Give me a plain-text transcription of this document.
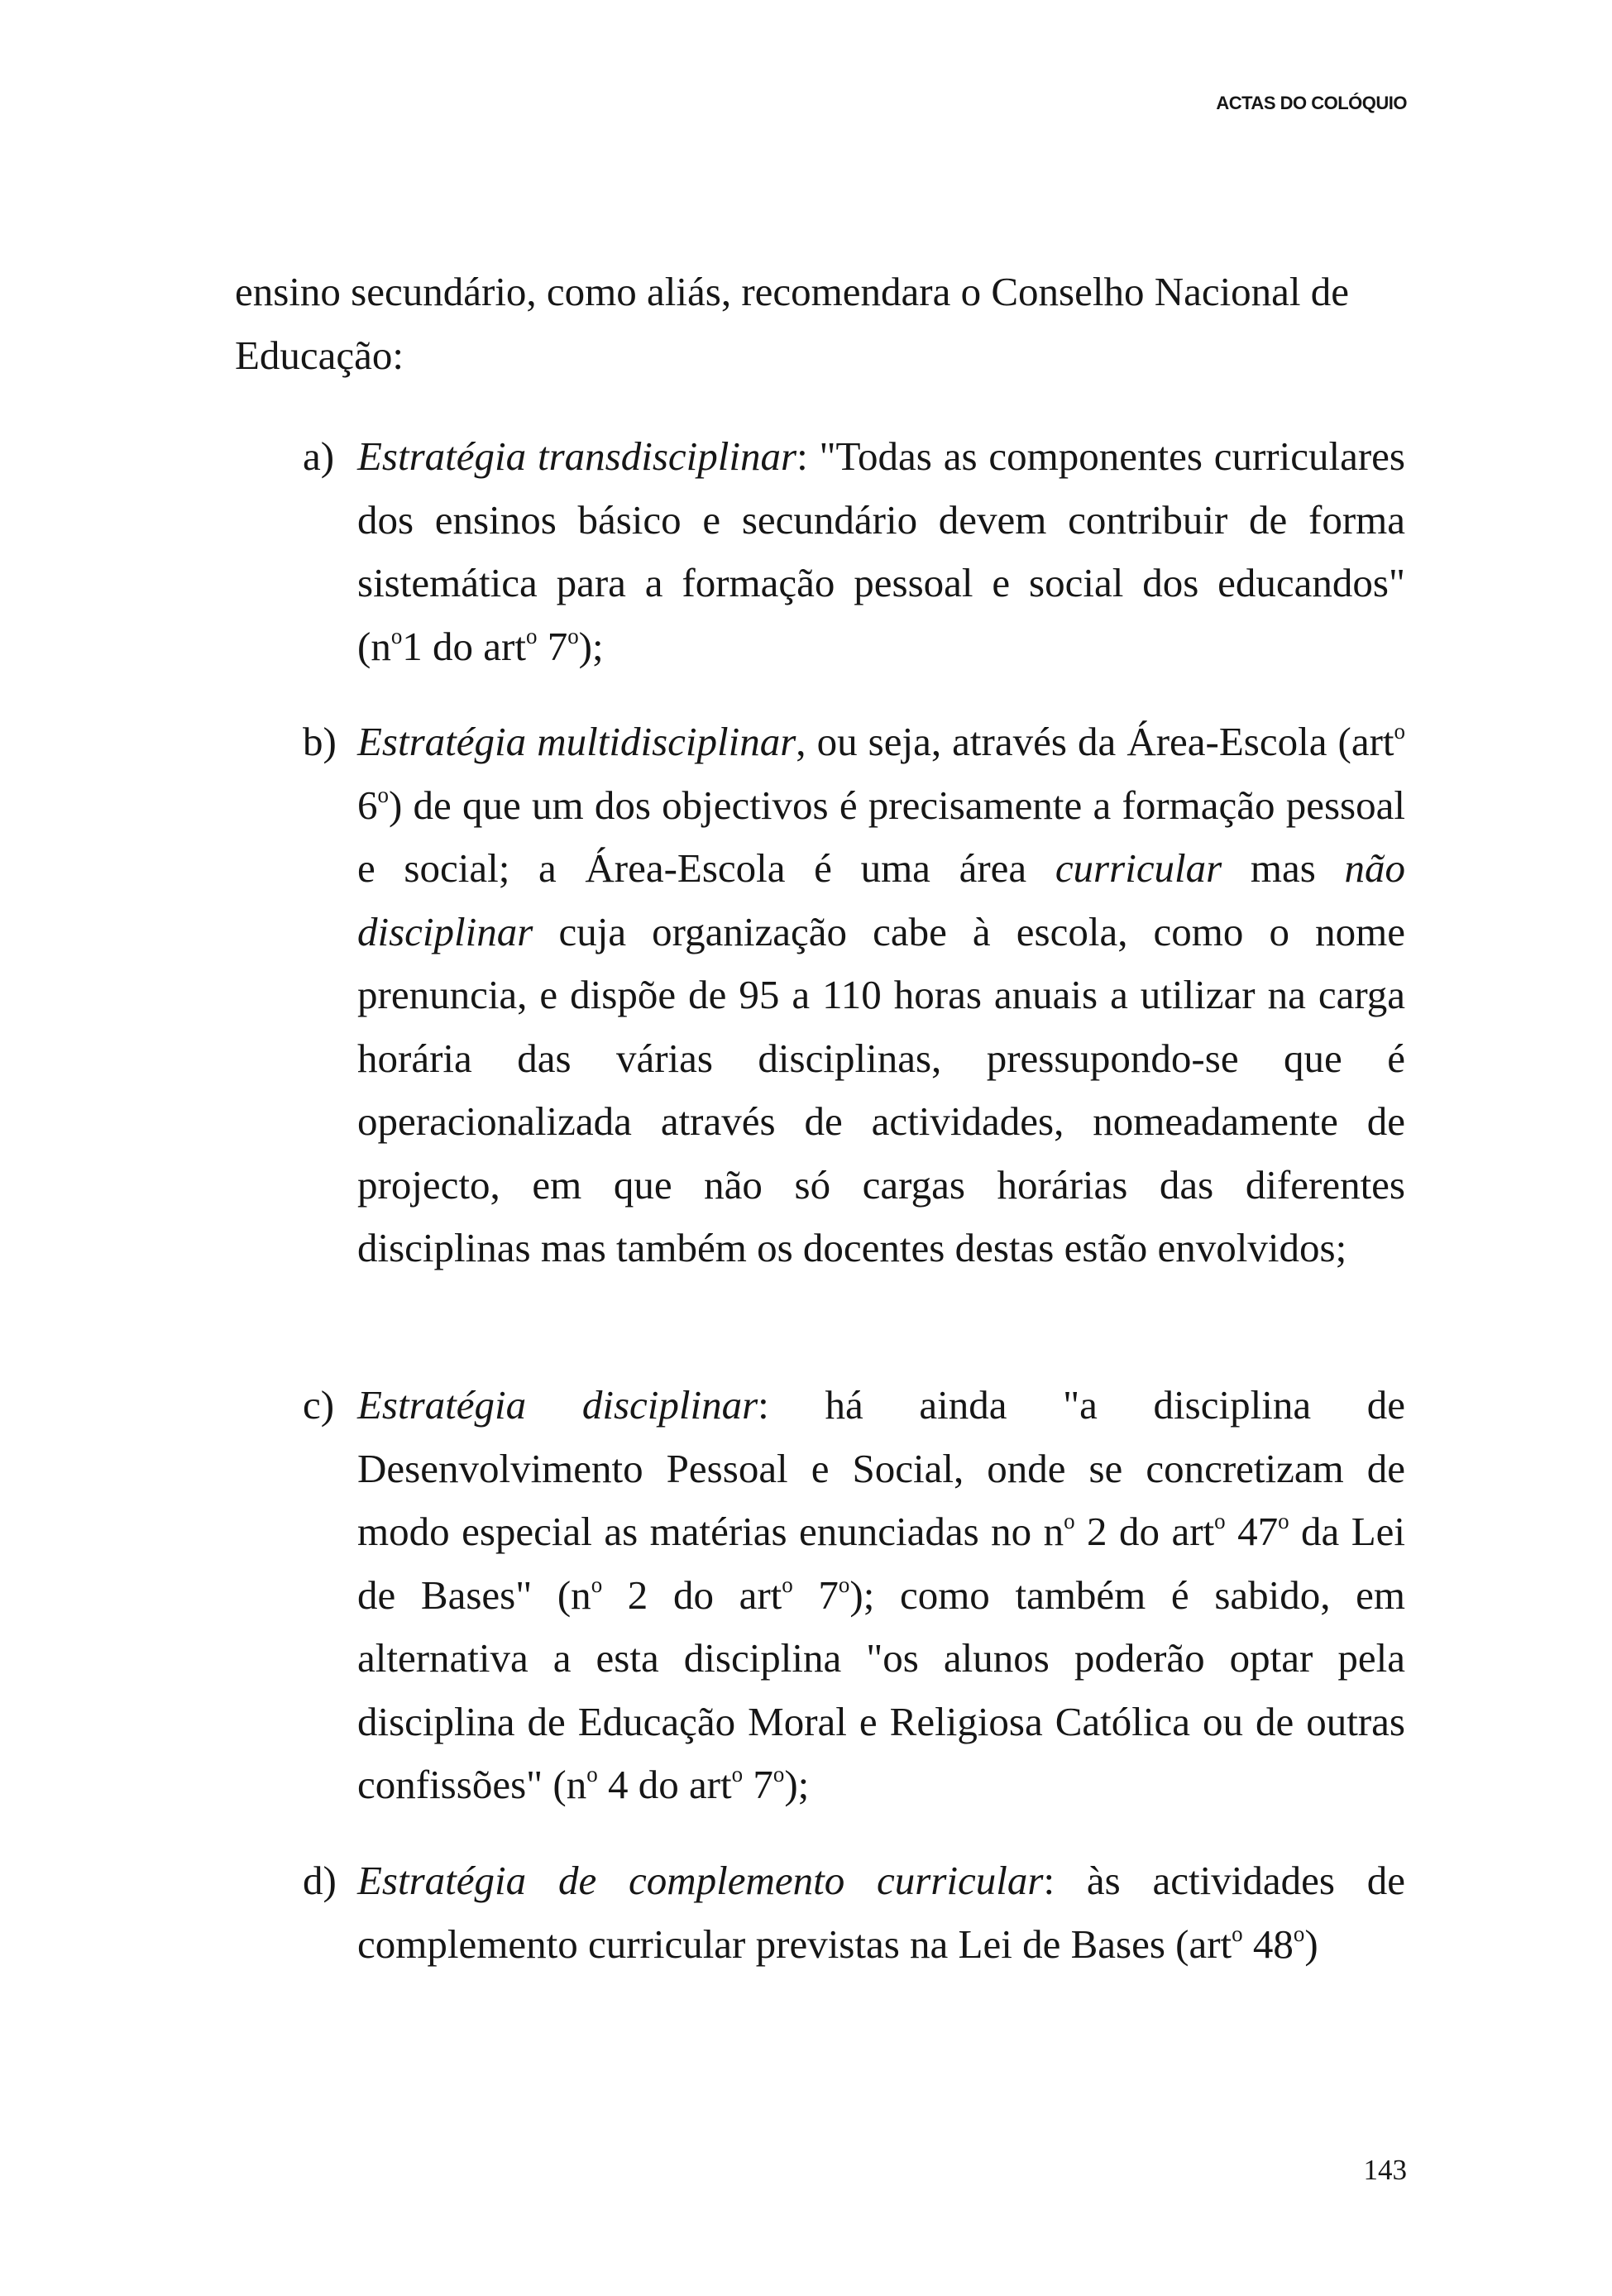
ACTAS DO COLÓQUIO

ensino secundário, como aliás, recomendara o Conselho Nacional de Educação:

a) Estratégia transdisciplinar: "Todas as componentes curriculares dos ensinos básico e secundário devem contribuir de forma sistemática para a formação pessoal e social dos educandos" ($n^o1$ do art$^o$ 7$^o$);
b) Estratégia multidisciplinar, ou seja, através da Área-Escola (art$^o$ 6$^o$) de que um dos objectivos é precisamente a formação pessoal e social; a Área-Escola é uma área curricular mas não disciplinar cuja organização cabe à escola, como o nome prenuncia, e dispõe de 95 a 110 horas anuais a utilizar na carga horária das várias disciplinas, pressupondo-se que é operacionalizada através de actividades, nomeadamente de projecto, em que não só cargas horárias das diferentes disciplinas mas também os docentes destas estão envolvidos;
c) Estratégia disciplinar: há ainda "a disciplina de Desenvolvimento Pessoal e Social, onde se concretizam de modo especial as matérias enunciadas no $n^o$ 2 do art$^o$ 47$^o$ da Lei de Bases" ($n^o$ 2 do art$^o$ 7$^o$); como também é sabido, em alternativa a esta disciplina "os alunos poderão optar pela disciplina de Educação Moral e Religiosa Católica ou de outras confissões" ($n^o$ 4 do art$^o$ 7$^o$);
d) Estratégia de complemento curricular: às actividades de complemento curricular previstas na Lei de Bases (art$^o$ 48$^o$)
143
